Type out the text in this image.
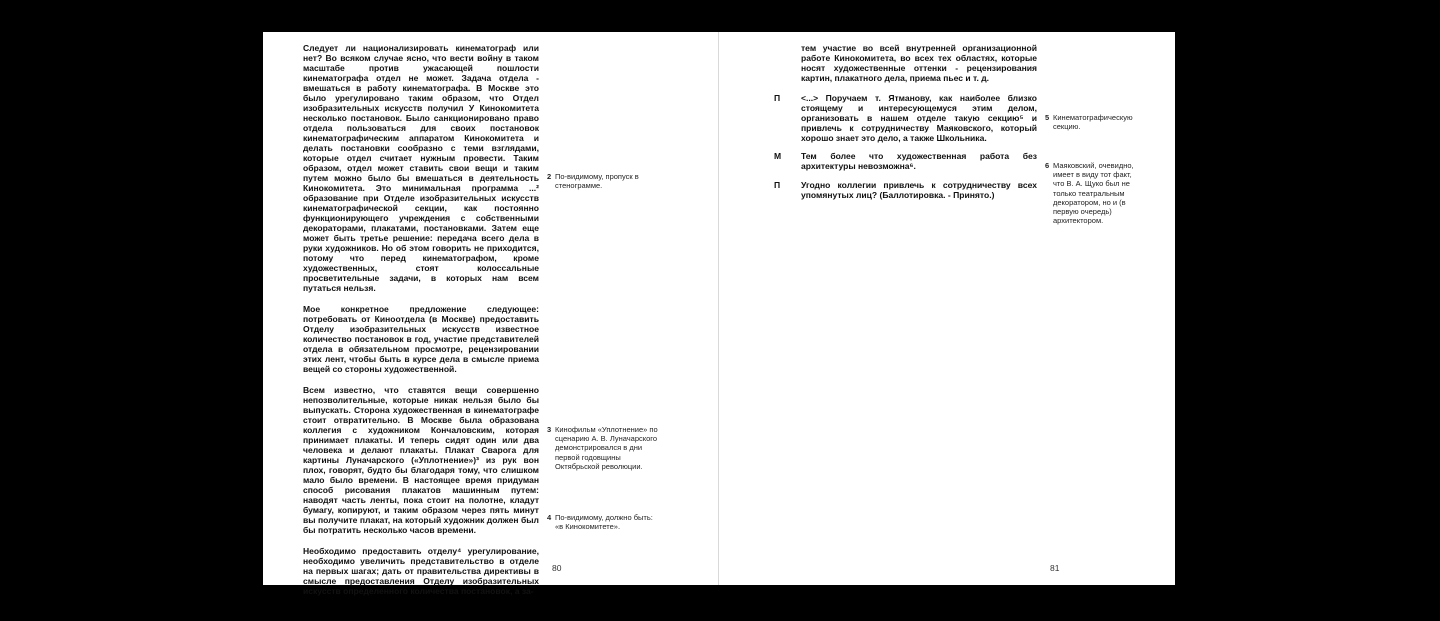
Следует ли национализировать кинематограф или нет? Во всяком случае ясно, что вести войну в таком масштабе против ужасающей пошлости кинематографа отдел не может. Задача отдела - вмешаться в работу кинематографа. В Москве это было урегулировано таким образом, что Отдел изобразительных искусств получил У Кинокомитета несколько постановок. Было санкционировано право отдела пользоваться для своих постановок кинематографическим аппаратом Кинокомитета и делать постановки сообразно с теми взглядами, которые отдел считает нужным провести. Таким образом, отдел может ставить свои вещи и таким путем можно было бы вмешаться в деятельность Кинокомитета. Это минимальная программа ...² образование при Отделе изобразительных искусств кинематографической секции, как постоянно функционирующего учреждения с собственными декораторами, плакатами, постановками. Затем еще может быть третье решение: передача всего дела в руки художников. Но об этом говорить не приходится, потому что перед кинематографом, кроме художественных, стоят колоссальные просветительные задачи, в которых нам всем путаться нельзя.

Мое конкретное предложение следующее: потребовать от Киноотдела (в Москве) предоставить Отделу изобразительных искусств известное количество постановок в год, участие представителей отдела в обязательном просмотре, рецензировании этих лент, чтобы быть в курсе дела в смысле приема вещей со стороны художественной.

Всем известно, что ставятся вещи совершенно непозволительные, которые никак нельзя было бы выпускать. Сторона художественная в кинематографе стоит отвратительно. В Москве была образована коллегия с художником Кончаловским, которая принимает плакаты. И теперь сидят один или два человека и делают плакаты. Плакат Сварога для картины Луначарского («Уплотнение»)³ из рук вон плох, говорят, будто бы благодаря тому, что слишком мало было времени. В настоящее время придуман способ рисования плакатов машинным путем: наводят часть ленты, пока стоит на полотне, кладут бумагу, копируют, и таким образом через пять минут вы получите плакат, на который художник должен был бы потратить несколько часов времени.

Необходимо предоставить отделу⁴ урегулирование, необходимо увеличить представительство в отделе на первых шагах; дать от правительства директивы в смысле предоставления Отделу изобразительных искусств определенного количества постановок, а за-

2 По-видимому, пропуск в стенограмме.
3 Кинофильм «Уплотнение» по сценарию А. В. Луначарского демонстрировался в дни первой годовщины Октябрьской революции.
4 По-видимому, должно быть: «в Кинокомитете».
80
тем участие во всей внутренней организационной работе Кинокомитета, во всех тех областях, которые носят художественные оттенки - рецензирования картин, плакатного дела, приема пьес и т. д.
П	<...> Поручаем т. Ятманову, как наиболее близко стоящему и интересующемуся этим делом, организовать в нашем отделе такую секцию⁵ и привлечь к сотрудничеству Маяковского, который хорошо знает это дело, а также Школьника.
М	Тем более что художественная работа без архитектуры невозможна⁶.
П	Угодно коллегии привлечь к сотрудничеству всех упомянутых лиц? (Баллотировка. - Принято.)
5 Кинематографическую секцию.
6 Маяковский, очевидно, имеет в виду тот факт, что В. А. Щуко был не только театральным декоратором, но и (в первую очередь) архитектором.
81
